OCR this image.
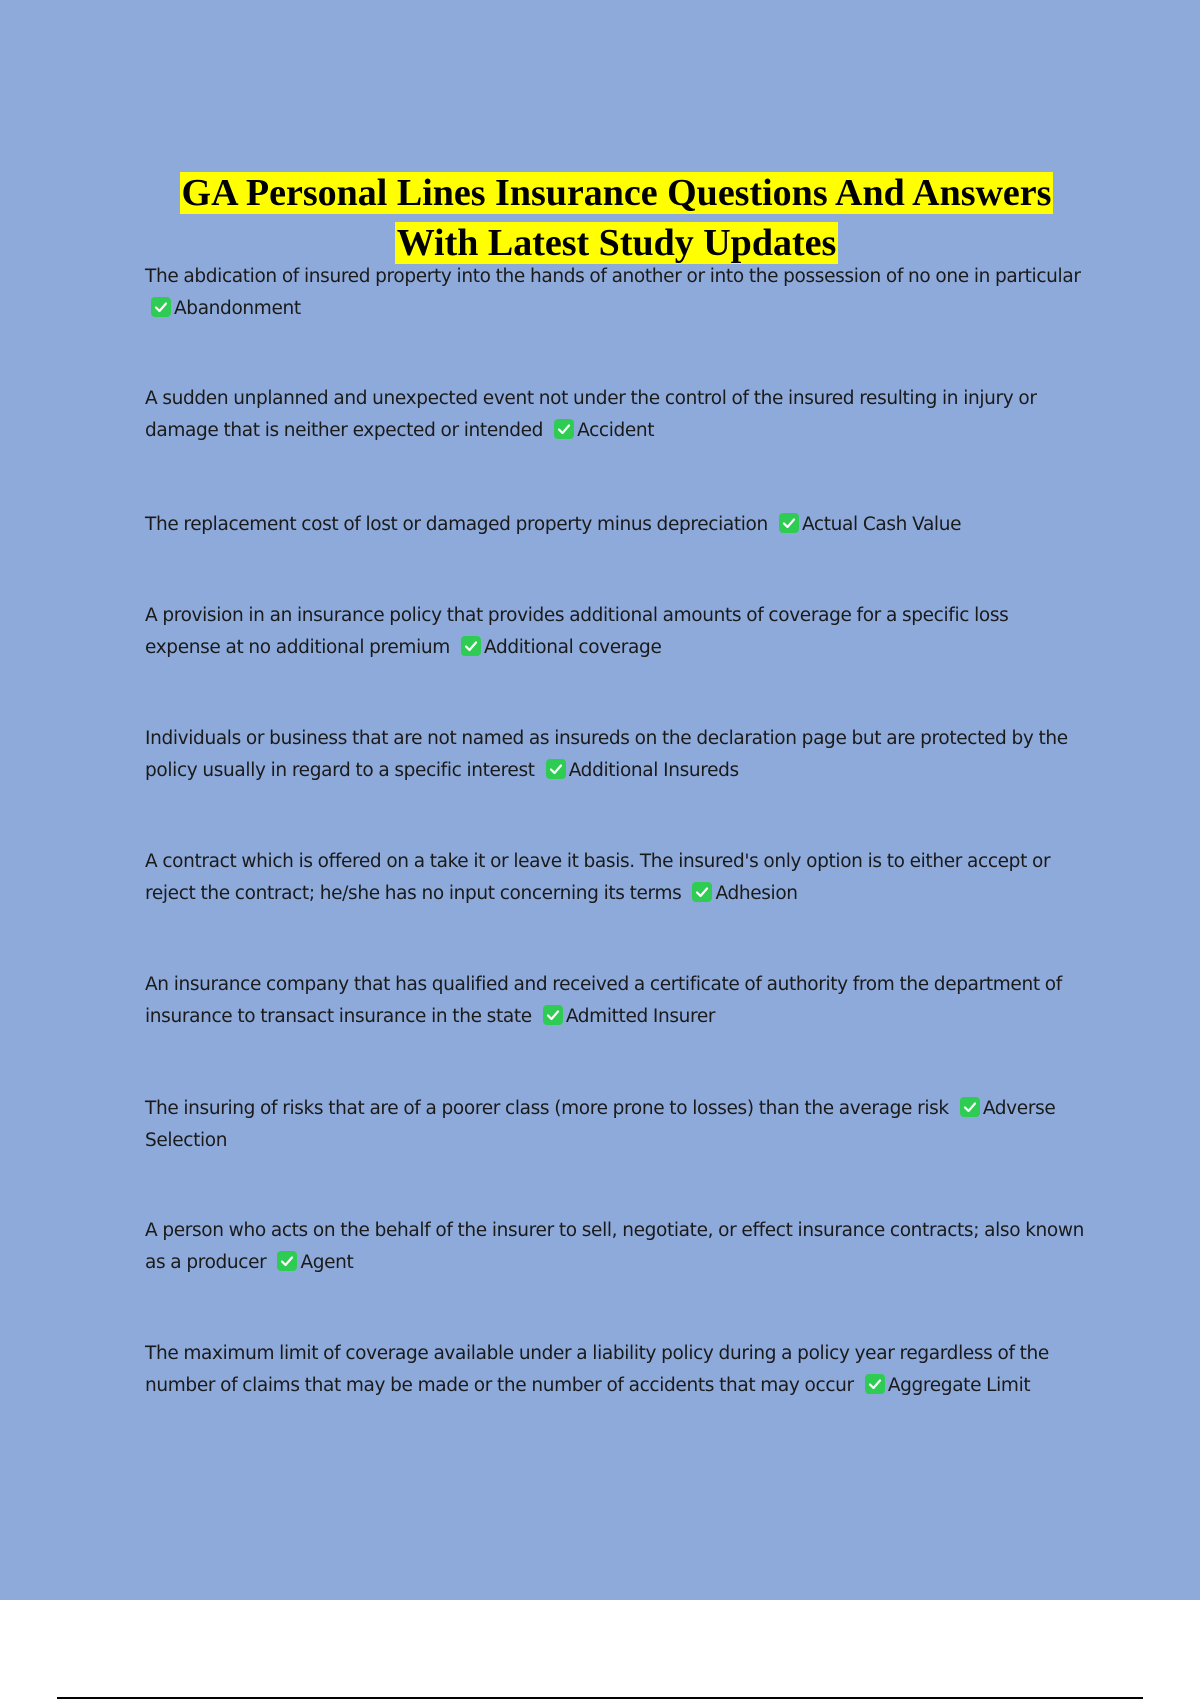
GA Personal Lines Insurance Questions And Answers
With Latest Study Updates
The abdication of insured property into the hands of another or into the possession of no one in particular
Abandonment
A sudden unplanned and unexpected event not under the control of the insured resulting in injury or damage that is neither expected or intended Accident
The replacement cost of lost or damaged property minus depreciation Actual Cash Value
A provision in an insurance policy that provides additional amounts of coverage for a specific loss expense at no additional premium Additional coverage
Individuals or business that are not named as insureds on the declaration page but are protected by the policy usually in regard to a specific interest Additional Insureds
A contract which is offered on a take it or leave it basis. The insured's only option is to either accept or reject the contract; he/she has no input concerning its terms Adhesion
An insurance company that has qualified and received a certificate of authority from the department of insurance to transact insurance in the state Admitted Insurer
The insuring of risks that are of a poorer class (more prone to losses) than the average risk Adverse Selection
A person who acts on the behalf of the insurer to sell, negotiate, or effect insurance contracts; also known as a producer Agent
The maximum limit of coverage available under a liability policy during a policy year regardless of the number of claims that may be made or the number of accidents that may occur Aggregate Limit
